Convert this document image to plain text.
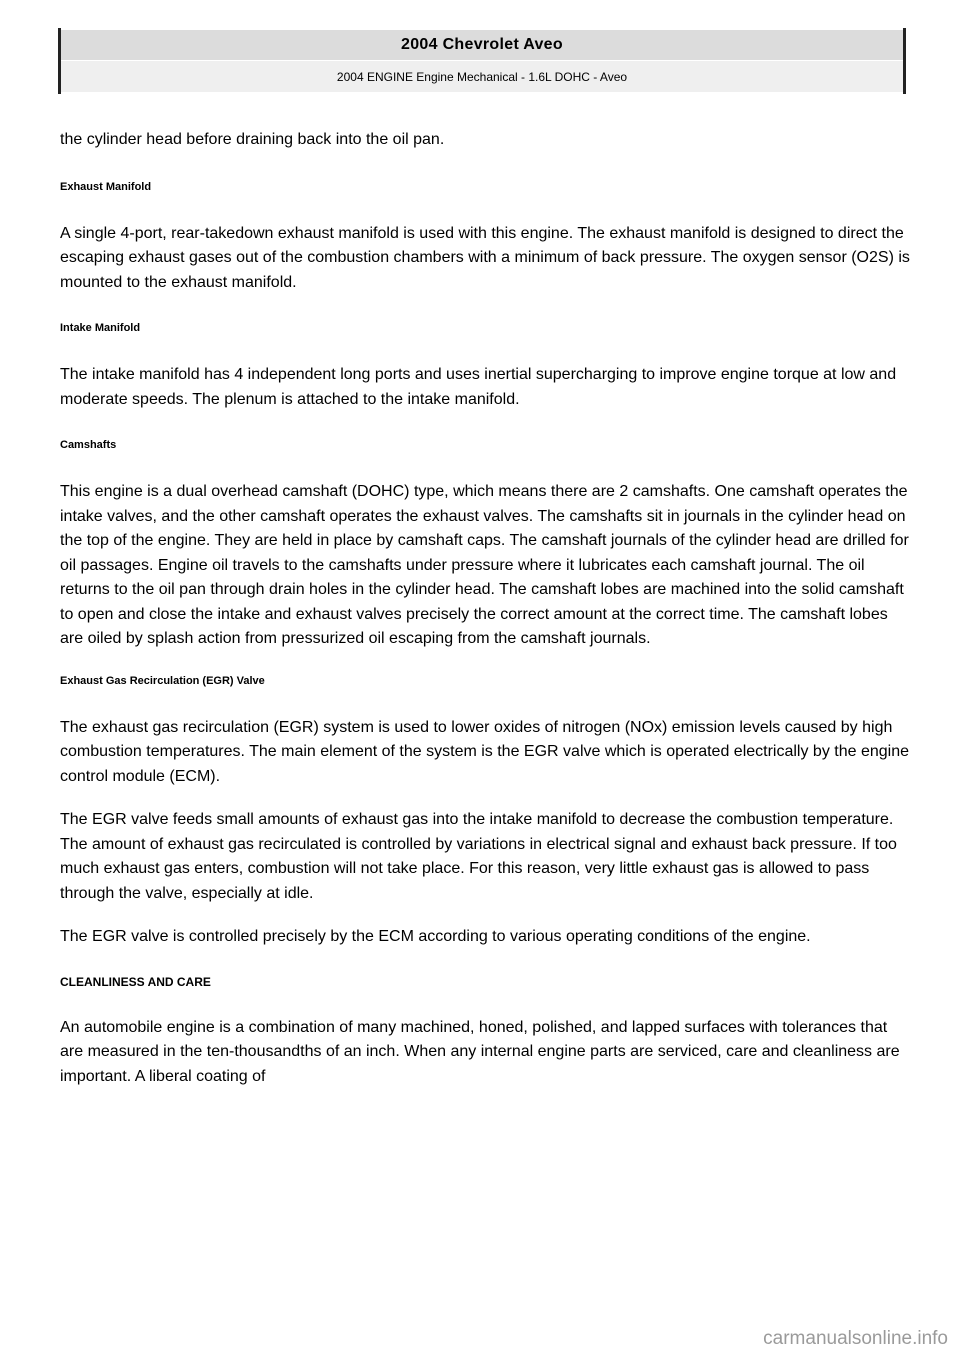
2004 Chevrolet Aveo
2004 ENGINE Engine Mechanical - 1.6L DOHC - Aveo

the cylinder head before draining back into the oil pan.

Exhaust Manifold

A single 4-port, rear-takedown exhaust manifold is used with this engine. The exhaust manifold is designed to direct the escaping exhaust gases out of the combustion chambers with a minimum of back pressure. The oxygen sensor (O2S) is mounted to the exhaust manifold.

Intake Manifold

The intake manifold has 4 independent long ports and uses inertial supercharging to improve engine torque at low and moderate speeds. The plenum is attached to the intake manifold.

Camshafts

This engine is a dual overhead camshaft (DOHC) type, which means there are 2 camshafts. One camshaft operates the intake valves, and the other camshaft operates the exhaust valves. The camshafts sit in journals in the cylinder head on the top of the engine. They are held in place by camshaft caps. The camshaft journals of the cylinder head are drilled for oil passages. Engine oil travels to the camshafts under pressure where it lubricates each camshaft journal. The oil returns to the oil pan through drain holes in the cylinder head. The camshaft lobes are machined into the solid camshaft to open and close the intake and exhaust valves precisely the correct amount at the correct time. The camshaft lobes are oiled by splash action from pressurized oil escaping from the camshaft journals.

Exhaust Gas Recirculation (EGR) Valve

The exhaust gas recirculation (EGR) system is used to lower oxides of nitrogen (NOx) emission levels caused by high combustion temperatures. The main element of the system is the EGR valve which is operated electrically by the engine control module (ECM).

The EGR valve feeds small amounts of exhaust gas into the intake manifold to decrease the combustion temperature. The amount of exhaust gas recirculated is controlled by variations in electrical signal and exhaust back pressure. If too much exhaust gas enters, combustion will not take place. For this reason, very little exhaust gas is allowed to pass through the valve, especially at idle.

The EGR valve is controlled precisely by the ECM according to various operating conditions of the engine.

CLEANLINESS AND CARE

An automobile engine is a combination of many machined, honed, polished, and lapped surfaces with tolerances that are measured in the ten-thousandths of an inch. When any internal engine parts are serviced, care and cleanliness are important. A liberal coating of

carmanualsonline.info
